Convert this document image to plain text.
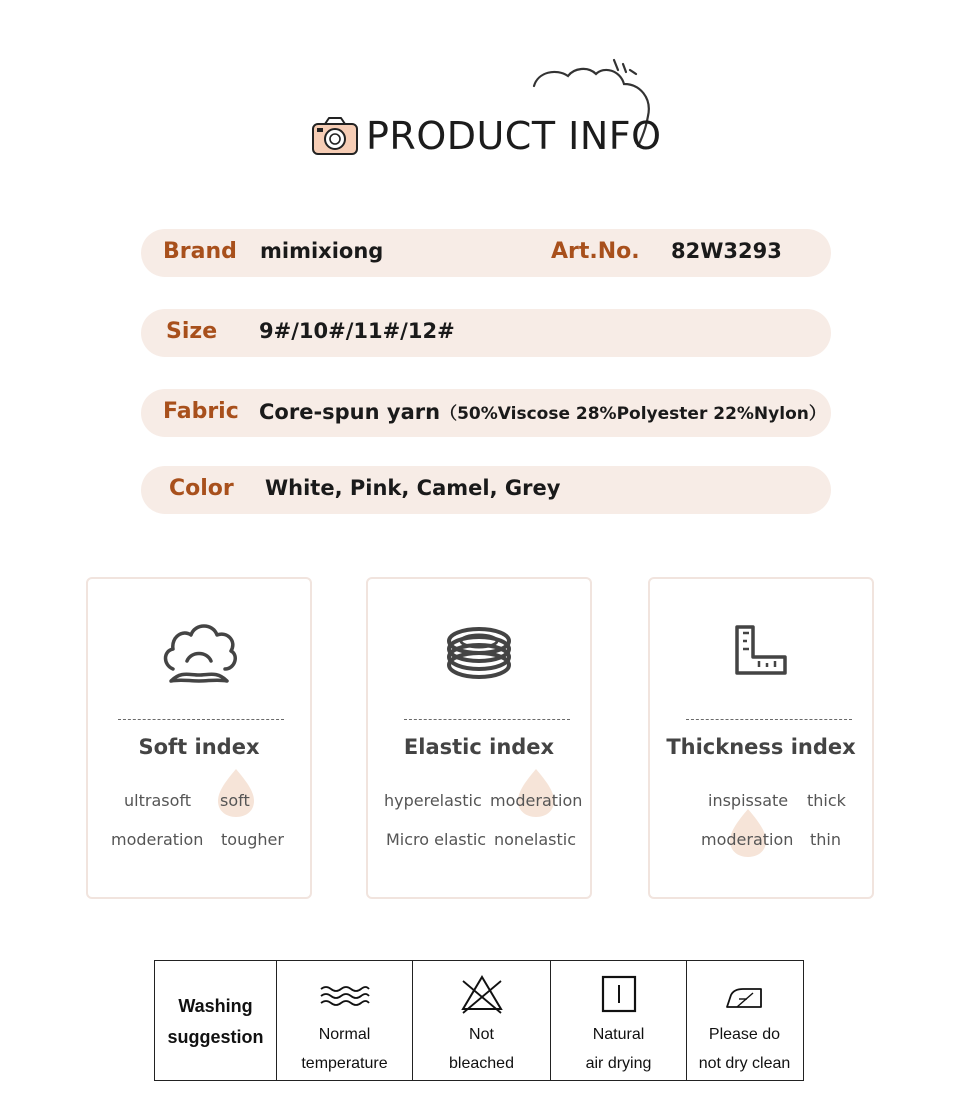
PRODUCT INFO
Brand mimixiong	Art.No. 82W3293
Size 9#/10#/11#/12#
Fabric Core-spun yarn（50%Viscose 28%Polyester 22%Nylon）
Color White, Pink, Camel, Grey
Soft index
ultrasoft soft
moderation tougher
Elastic index
hyperelastic moderation
Micro elastic nonelastic
Thickness index
inspissate thick
moderation thin
Washing
suggestion	Normal
temperature
Not
bleached
Natural
air drying
Please do
not dry clean
